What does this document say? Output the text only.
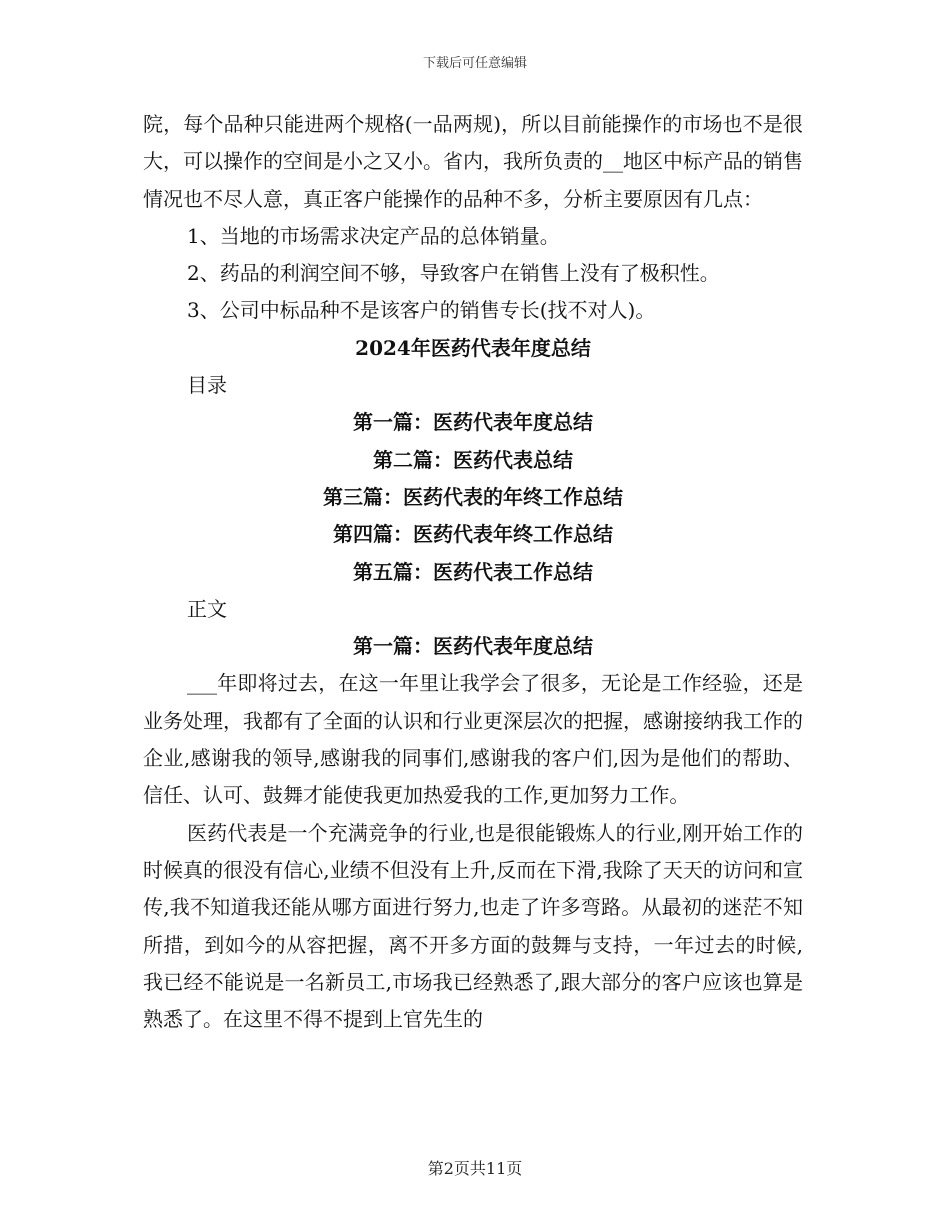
下载后可任意编辑

院，每个品种只能进两个规格(一品两规)，所以目前能操作的市场也不是很大，可以操作的空间是小之又小。省内，我所负责的__地区中标产品的销售情况也不尽人意，真正客户能操作的品种不多，分析主要原因有几点：

1、当地的市场需求决定产品的总体销量。

2、药品的利润空间不够，导致客户在销售上没有了极积性。

3、公司中标品种不是该客户的销售专长(找不对人)。

2024年医药代表年度总结

目录

第一篇：医药代表年度总结

第二篇：医药代表总结

第三篇：医药代表的年终工作总结

第四篇：医药代表年终工作总结

第五篇：医药代表工作总结

正文

第一篇：医药代表年度总结

___年即将过去，在这一年里让我学会了很多，无论是工作经验，还是业务处理，我都有了全面的认识和行业更深层次的把握，感谢接纳我工作的企业,感谢我的领导,感谢我的同事们,感谢我的客户们,因为是他们的帮助、信任、认可、鼓舞才能使我更加热爱我的工作,更加努力工作。

医药代表是一个充满竞争的行业,也是很能锻炼人的行业,刚开始工作的时候真的很没有信心,业绩不但没有上升,反而在下滑,我除了天天的访问和宣传,我不知道我还能从哪方面进行努力,也走了许多弯路。从最初的迷茫不知所措，到如今的从容把握，离不开多方面的鼓舞与支持，一年过去的时候,我已经不能说是一名新员工,市场我已经熟悉了,跟大部分的客户应该也算是熟悉了。在这里不得不提到上官先生的

第2页共11页
